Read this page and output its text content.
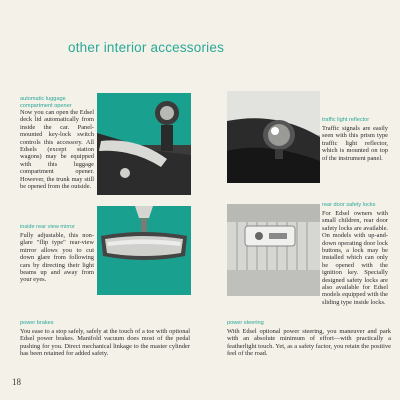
other interior accessories
automatic luggage compartment opener
Now you can open the Edsel deck lid automatically from inside the car. Panel-mounted key-lock switch controls this accessory. All Edsels (except station wagons) may be equipped with this luggage compartment opener. However, the trunk may still be opened from the outside.
traffic light reflector
Traffic signals are easily seen with this prism type traffic light reflector, which is mounted on top of the instrument panel.
inside rear view mirror
Fully adjustable, this non-glare "flip type" rear-view mirror allows you to cut down glare from following cars by directing their light beams up and away from your eyes.
rear door safety locks
For Edsel owners with small children, rear door safety locks are available. On models with up-and-down operating door lock buttons, a lock may be installed which can only be opened with the ignition key. Specially designed safety locks are also available for Edsel models equipped with the sliding type inside locks.
power brakes
You ease to a stop safely, safely at the touch of a toe with optional Edsel power brakes. Manifold vacuum does most of the pedal pushing for you. Direct mechanical linkage to the master cylinder has been retained for added safety.
power steering
With Edsel optional power steering, you maneuver and park with an absolute minimum of effort—with practically a featherlight touch. Yet, as a safety factor, you retain the positive feel of the road.
18
